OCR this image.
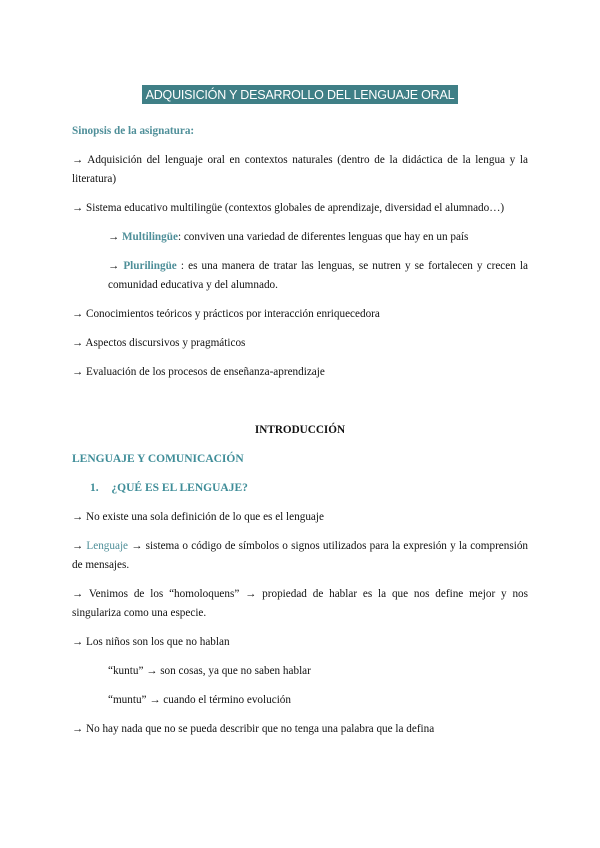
ADQUISICIÓN Y DESARROLLO DEL LENGUAJE ORAL
Sinopsis de la asignatura:
→ Adquisición del lenguaje oral en contextos naturales (dentro de la didáctica de la lengua y la literatura)
→ Sistema educativo multilingüe (contextos globales de aprendizaje, diversidad el alumnado…)
→ Multilingüe: conviven una variedad de diferentes lenguas que hay en un país
→ Plurilingüe : es una manera de tratar las lenguas, se nutren y se fortalecen y crecen la comunidad educativa y del alumnado.
→ Conocimientos teóricos y prácticos por interacción enriquecedora
→ Aspectos discursivos y pragmáticos
→ Evaluación de los procesos de enseñanza-aprendizaje
INTRODUCCIÓN
LENGUAJE Y COMUNICACIÓN
1. ¿QUÉ ES EL LENGUAJE?
→ No existe una sola definición de lo que es el lenguaje
→ Lenguaje → sistema o código de símbolos o signos utilizados para la expresión y la comprensión de mensajes.
→ Venimos de los “homoloquens” → propiedad de hablar es la que nos define mejor y nos singulariza como una especie.
→ Los niños son los que no hablan
“kuntu” → son cosas, ya que no saben hablar
“muntu” → cuando el término evolución
→ No hay nada que no se pueda describir que no tenga una palabra que la defina
